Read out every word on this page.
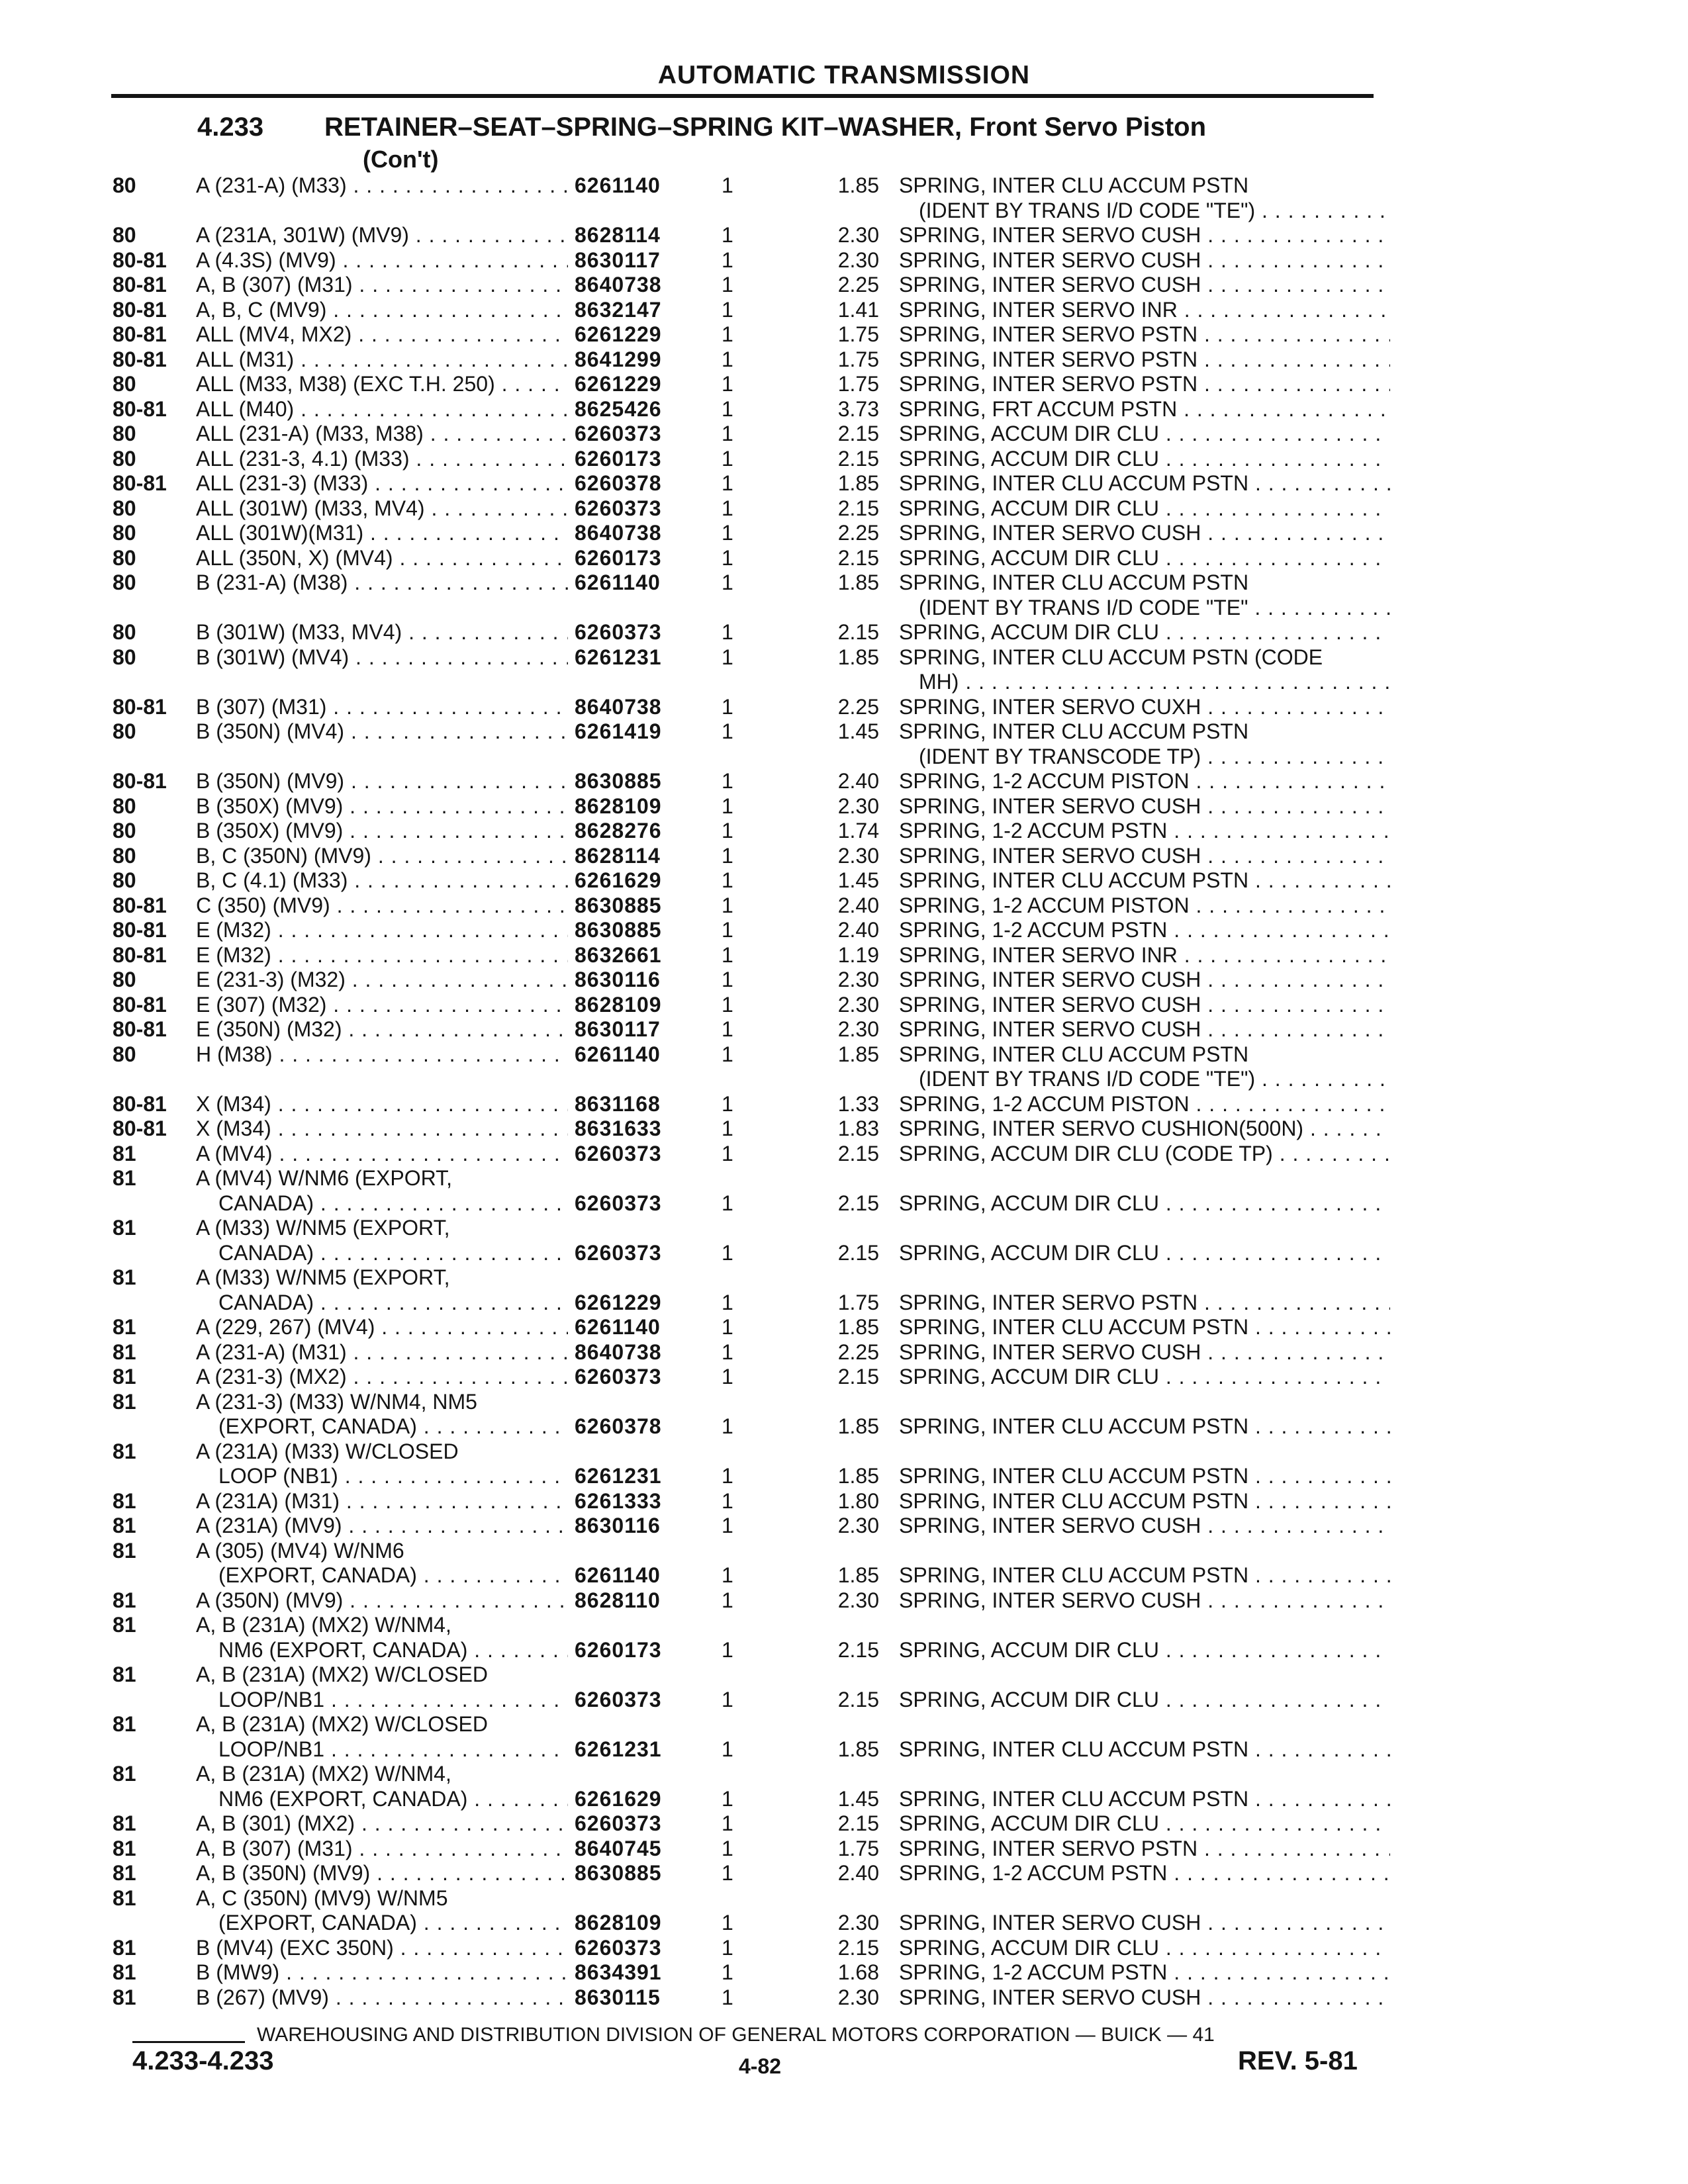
AUTOMATIC TRANSMISSION
4.233 RETAINER–SEAT–SPRING–SPRING KIT–WASHER, Front Servo Piston
(Con't)
80	A (231-A) (M33) . . .	6261140	1	1.85 SPRING, INTER CLU ACCUM PSTN
(IDENT BY TRANS I/D CODE "TE") . . .
80	A (231A, 301W) (MV9) . . .	8628114	1	2.30 SPRING, INTER SERVO CUSH . . .
80-81	A (4.3S) (MV9) . . .	8630117	1	2.30 SPRING, INTER SERVO CUSH . . .
80-81	A, B (307) (M31) . . .	8640738	1	2.25 SPRING, INTER SERVO CUSH . . .
80-81	A, B, C (MV9) . . .	8632147	1	1.41 SPRING, INTER SERVO INR . . .
80-81	ALL (MV4, MX2) . . .	6261229	1	1.75 SPRING, INTER SERVO PSTN . . .
80-81	ALL (M31) . . .	8641299	1	1.75 SPRING, INTER SERVO PSTN . . .
80	ALL (M33, M38) (EXC T.H. 250) . . .	6261229	1	1.75 SPRING, INTER SERVO PSTN . . .
80-81	ALL (M40) . . .	8625426	1	3.73 SPRING, FRT ACCUM PSTN . . .
80	ALL (231-A) (M33, M38) . . .	6260373	1	2.15 SPRING, ACCUM DIR CLU . . .
80	ALL (231-3, 4.1) (M33) . . .	6260173	1	2.15 SPRING, ACCUM DIR CLU . . .
80-81	ALL (231-3) (M33) . . .	6260378	1	1.85 SPRING, INTER CLU ACCUM PSTN . . .
80	ALL (301W) (M33, MV4) . . .	6260373	1	2.15 SPRING, ACCUM DIR CLU . . .
80	ALL (301W)(M31) . . .	8640738	1	2.25 SPRING, INTER SERVO CUSH . . .
80	ALL (350N, X) (MV4) . . .	6260173	1	2.15 SPRING, ACCUM DIR CLU . . .
80	B (231-A) (M38) . . .	6261140	1	1.85 SPRING, INTER CLU ACCUM PSTN
(IDENT BY TRANS I/D CODE "TE" . . .
80	B (301W) (M33, MV4) . . .	6260373	1	2.15 SPRING, ACCUM DIR CLU . . .
80	B (301W) (MV4) . . .	6261231	1	1.85 SPRING, INTER CLU ACCUM PSTN (CODE
MH) . . .
80-81	B (307) (M31) . . .	8640738	1	2.25 SPRING, INTER SERVO CUXH . . .
80	B (350N) (MV4) . . .	6261419	1	1.45 SPRING, INTER CLU ACCUM PSTN
(IDENT BY TRANSCODE TP) . . .
80-81	B (350N) (MV9) . . .	8630885	1	2.40 SPRING, 1-2 ACCUM PISTON . . .
80	B (350X) (MV9) . . .	8628109	1	2.30 SPRING, INTER SERVO CUSH . . .
80	B (350X) (MV9) . . .	8628276	1	1.74 SPRING, 1-2 ACCUM PSTN . . .
80	B, C (350N) (MV9) . . .	8628114	1	2.30 SPRING, INTER SERVO CUSH . . .
80	B, C (4.1) (M33) . . .	6261629	1	1.45 SPRING, INTER CLU ACCUM PSTN . . .
80-81	C (350) (MV9) . . .	8630885	1	2.40 SPRING, 1-2 ACCUM PISTON . . .
80-81	E (M32) . . .	8630885	1	2.40 SPRING, 1-2 ACCUM PSTN . . .
80-81	E (M32) . . .	8632661	1	1.19 SPRING, INTER SERVO INR . . .
80	E (231-3) (M32) . . .	8630116	1	2.30 SPRING, INTER SERVO CUSH . . .
80-81	E (307) (M32) . . .	8628109	1	2.30 SPRING, INTER SERVO CUSH . . .
80-81	E (350N) (M32) . . .	8630117	1	2.30 SPRING, INTER SERVO CUSH . . .
80	H (M38) . . .	6261140	1	1.85 SPRING, INTER CLU ACCUM PSTN
(IDENT BY TRANS I/D CODE "TE") . . .
80-81	X (M34) . . .	8631168	1	1.33 SPRING, 1-2 ACCUM PISTON . . .
80-81	X (M34) . . .	8631633	1	1.83 SPRING, INTER SERVO CUSHION(500N) . . .
81	A (MV4) . . .	6260373	1	2.15 SPRING, ACCUM DIR CLU (CODE TP) . . .
81	A (MV4) W/NM6 (EXPORT,
CANADA) . . .	6260373	1	2.15 SPRING, ACCUM DIR CLU . . .
81	A (M33) W/NM5 (EXPORT,
CANADA) . . .	6260373	1	2.15 SPRING, ACCUM DIR CLU . . .
81	A (M33) W/NM5 (EXPORT,
CANADA) . . .	6261229	1	1.75 SPRING, INTER SERVO PSTN . . .
81	A (229, 267) (MV4) . . .	6261140	1	1.85 SPRING, INTER CLU ACCUM PSTN . . .
81	A (231-A) (M31) . . .	8640738	1	2.25 SPRING, INTER SERVO CUSH . . .
81	A (231-3) (MX2) . . .	6260373	1	2.15 SPRING, ACCUM DIR CLU . . .
81	A (231-3) (M33) W/NM4, NM5
(EXPORT, CANADA) . . .	6260378	1	1.85 SPRING, INTER CLU ACCUM PSTN . . .
81	A (231A) (M33) W/CLOSED
LOOP (NB1) . . .	6261231	1	1.85 SPRING, INTER CLU ACCUM PSTN . . .
81	A (231A) (M31) . . .	6261333	1	1.80 SPRING, INTER CLU ACCUM PSTN . . .
81	A (231A) (MV9) . . .	8630116	1	2.30 SPRING, INTER SERVO CUSH . . .
81	A (305) (MV4) W/NM6
(EXPORT, CANADA) . . .	6261140	1	1.85 SPRING, INTER CLU ACCUM PSTN . . .
81	A (350N) (MV9) . . .	8628110	1	2.30 SPRING, INTER SERVO CUSH . . .
81	A, B (231A) (MX2) W/NM4,
NM6 (EXPORT, CANADA) . . .	6260173	1	2.15 SPRING, ACCUM DIR CLU . . .
81	A, B (231A) (MX2) W/CLOSED
LOOP/NB1 . . .	6260373	1	2.15 SPRING, ACCUM DIR CLU . . .
81	A, B (231A) (MX2) W/CLOSED
LOOP/NB1 . . .	6261231	1	1.85 SPRING, INTER CLU ACCUM PSTN . . .
81	A, B (231A) (MX2) W/NM4,
NM6 (EXPORT, CANADA) . . .	6261629	1	1.45 SPRING, INTER CLU ACCUM PSTN . . .
81	A, B (301) (MX2) . . .	6260373	1	2.15 SPRING, ACCUM DIR CLU . . .
81	A, B (307) (M31) . . .	8640745	1	1.75 SPRING, INTER SERVO PSTN . . .
81	A, B (350N) (MV9) . . .	8630885	1	2.40 SPRING, 1-2 ACCUM PSTN . . .
81	A, C (350N) (MV9) W/NM5
(EXPORT, CANADA) . . .	8628109	1	2.30 SPRING, INTER SERVO CUSH . . .
81	B (MV4) (EXC 350N) . . .	6260373	1	2.15 SPRING, ACCUM DIR CLU . . .
81	B (MW9) . . .	8634391	1	1.68 SPRING, 1-2 ACCUM PSTN . . .
81	B (267) (MV9) . . .	8630115	1	2.30 SPRING, INTER SERVO CUSH . . .
WAREHOUSING AND DISTRIBUTION DIVISION OF GENERAL MOTORS CORPORATION — BUICK — 41
4.233-4.233	4-82	REV. 5-81
